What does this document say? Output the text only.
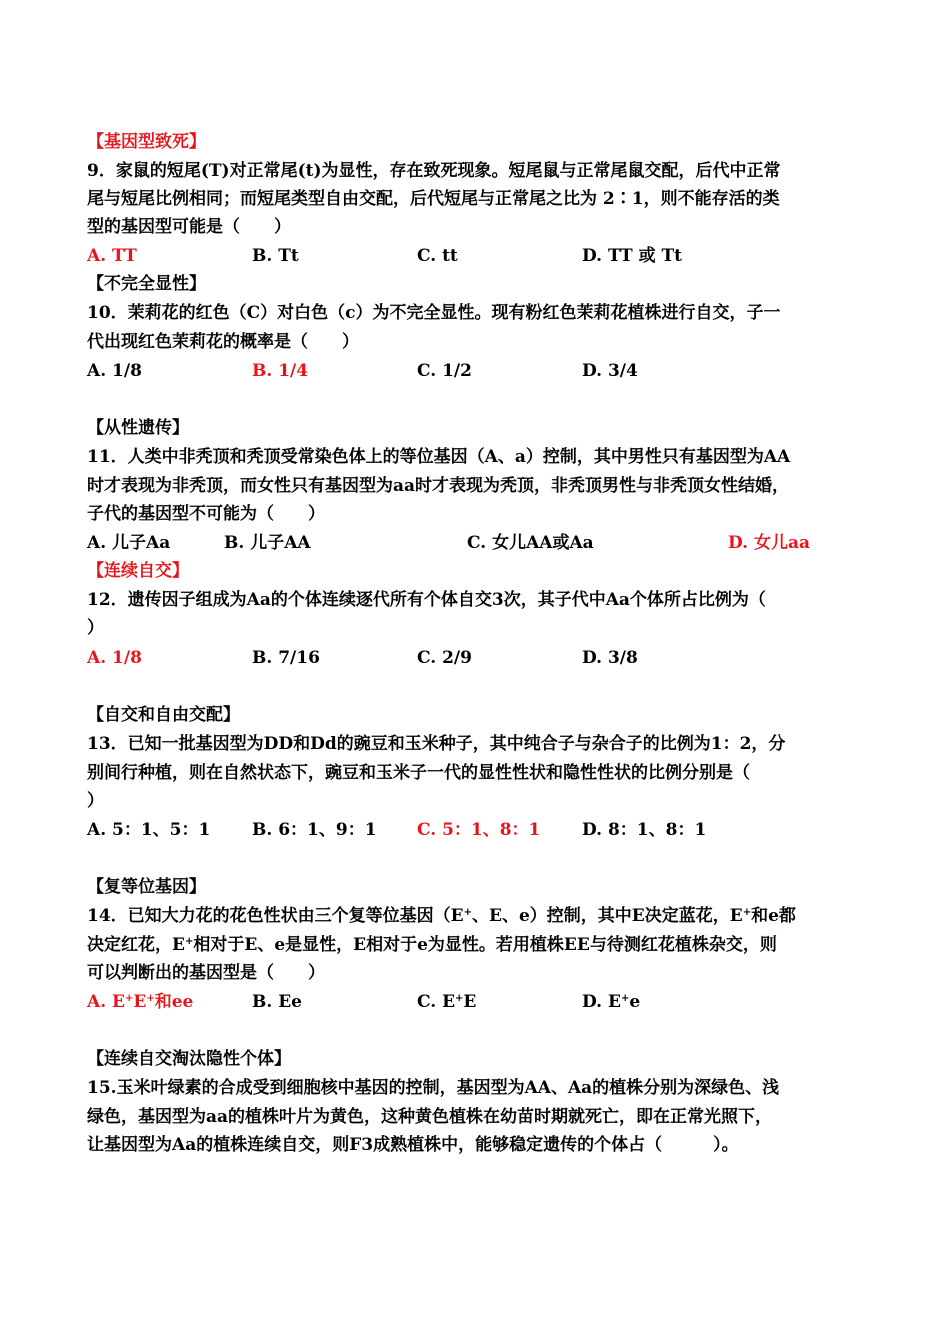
【基因型致死】
9．家鼠的短尾(T)对正常尾(t)为显性，存在致死现象。短尾鼠与正常尾鼠交配，后代中正常
尾与短尾比例相同；而短尾类型自由交配，后代短尾与正常尾之比为 2∶1，则不能存活的类
型的基因型可能是（　　）
A. TT	B. Tt	C. tt	D. TT 或 Tt
【不完全显性】
10．茉莉花的红色（C）对白色（c）为不完全显性。现有粉红色茉莉花植株进行自交，子一
代出现红色茉莉花的概率是（　　）
A. 1/8	B. 1/4	C. 1/2	D. 3/4
【从性遗传】
11．人类中非秃顶和秃顶受常染色体上的等位基因（A、a）控制，其中男性只有基因型为AA
时才表现为非秃顶，而女性只有基因型为aa时才表现为秃顶，非秃顶男性与非秃顶女性结婚，
子代的基因型不可能为（　　）
A. 儿子Aa	B. 儿子AA	C. 女儿AA或Aa	D. 女儿aa
【连续自交】
12．遗传因子组成为Aa的个体连续逐代所有个体自交3次，其子代中Aa个体所占比例为（
）
A. 1/8	B. 7/16	C. 2/9	D. 3/8
【自交和自由交配】
13．已知一批基因型为DD和Dd的豌豆和玉米种子，其中纯合子与杂合子的比例为1：2，分
别间行种植，则在自然状态下，豌豆和玉米子一代的显性性状和隐性性状的比例分别是（
）
A. 5：1、5：1 B. 6：1、9：1 C. 5：1、8：1 D. 8：1、8：1
【复等位基因】
14．已知大力花的花色性状由三个复等位基因（E+、E、e）控制，其中E决定蓝花，E+和e都
决定红花，E+相对于E、e是显性，E相对于e为显性。若用植株EE与待测红花植株杂交，则
可以判断出的基因型是（　　）
A. E+E+和ee	B. Ee	C. E+E	D. E+e
【连续自交淘汰隐性个体】
15.玉米叶绿素的合成受到细胞核中基因的控制，基因型为AA、Aa的植株分别为深绿色、浅
绿色，基因型为aa的植株叶片为黄色，这种黄色植株在幼苗时期就死亡，即在正常光照下，
让基因型为Aa的植株连续自交，则F3成熟植株中，能够稳定遗传的个体占（　　　）。
